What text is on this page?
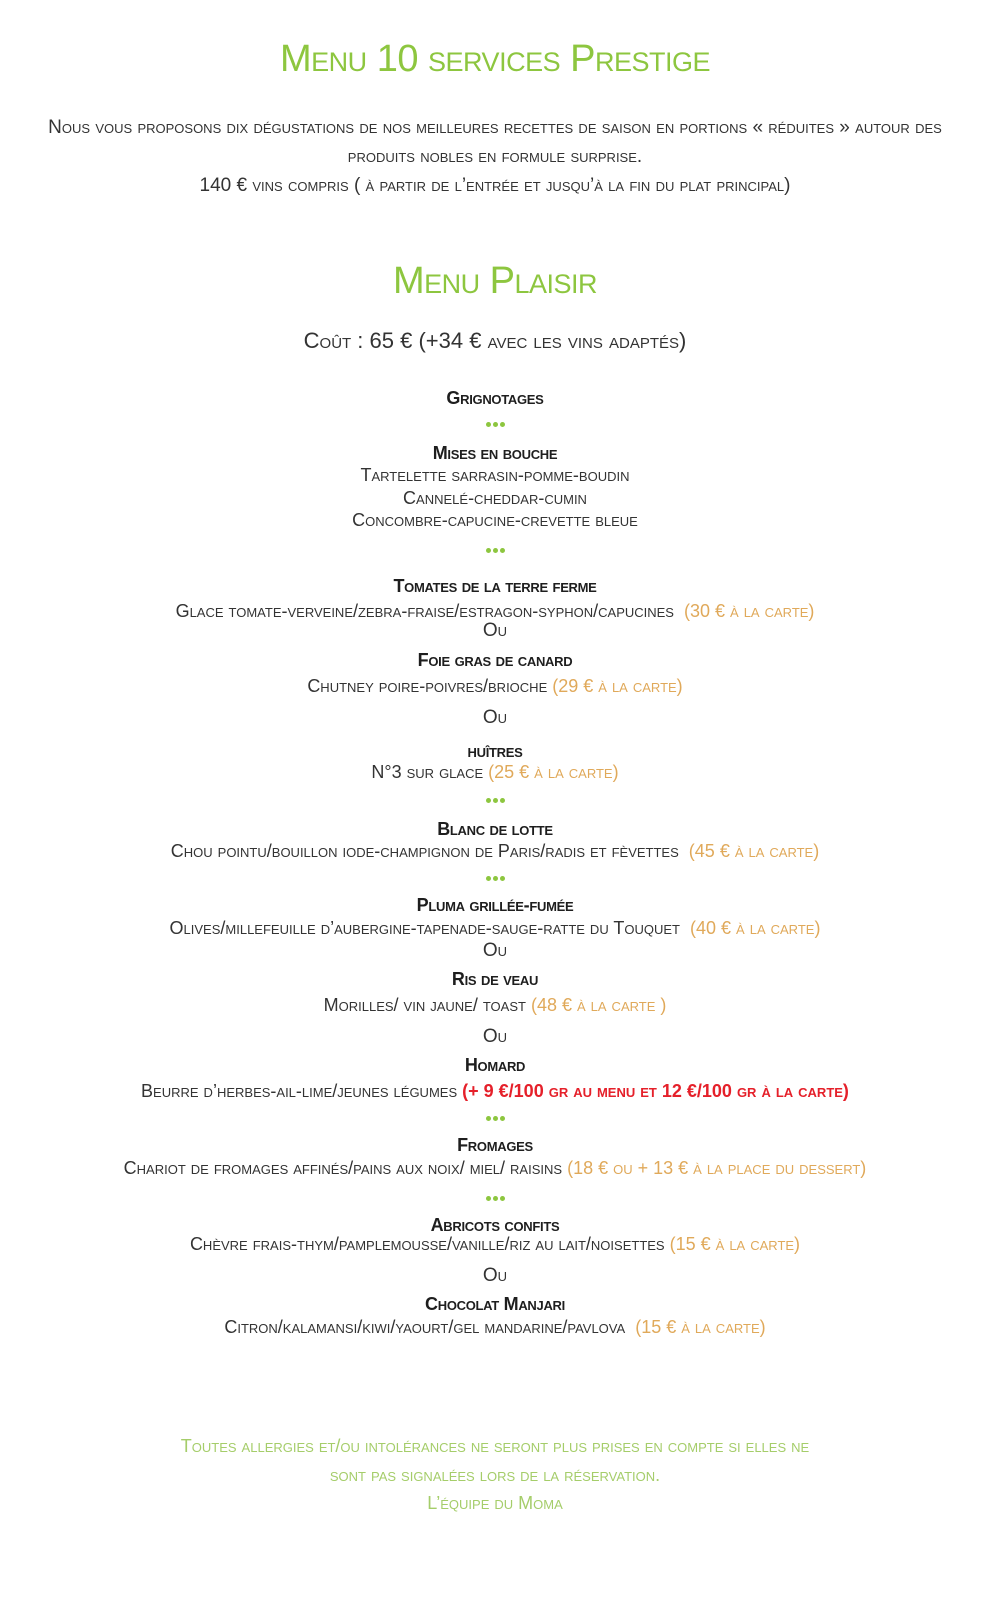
Menu 10 services Prestige
Nous vous proposons dix dégustations de nos meilleures recettes de saison en portions « réduites » autour des
produits nobles en formule surprise.
140 € vins compris ( à partir de l’entrée et jusqu’à la fin du plat principal)
Menu Plaisir
Coût : 65 € (+34 € avec les vins adaptés)
Grignotages
Mises en bouche
Tartelette sarrasin-pomme-boudin
Cannelé-cheddar-cumin
Concombre-capucine-crevette bleue
Tomates de la terre ferme
Glace tomate-verveine/zebra-fraise/estragon-syphon/capucines (30 € à la carte)
Ou
Foie gras de canard
Chutney poire-poivres/brioche (29 € à la carte)
Ou
huîtres
N°3 sur glace (25 € à la carte)
Blanc de lotte
Chou pointu/bouillon iode-champignon de Paris/radis et fèvettes (45 € à la carte)
Pluma grillée-fumée
Olives/millefeuille d’aubergine-tapenade-sauge-ratte du Touquet (40 € à la carte)
Ou
Ris de veau
Morilles/ vin jaune/ toast (48 € à la carte )
Ou
Homard
Beurre d’herbes-ail-lime/jeunes légumes (+ 9 €/100 gr au menu et 12 €/100 gr à la carte)
Fromages
Chariot de fromages affinés/pains aux noix/ miel/ raisins (18 € ou + 13 € à la place du dessert)
Abricots confits
Chèvre frais-thym/pamplemousse/vanille/riz au lait/noisettes (15 € à la carte)
Ou
Chocolat Manjari
Citron/kalamansi/kiwi/yaourt/gel mandarine/pavlova (15 € à la carte)
Toutes allergies et/ou intolérances ne seront plus prises en compte si elles ne
sont pas signalées lors de la réservation.
L’équipe du Moma
